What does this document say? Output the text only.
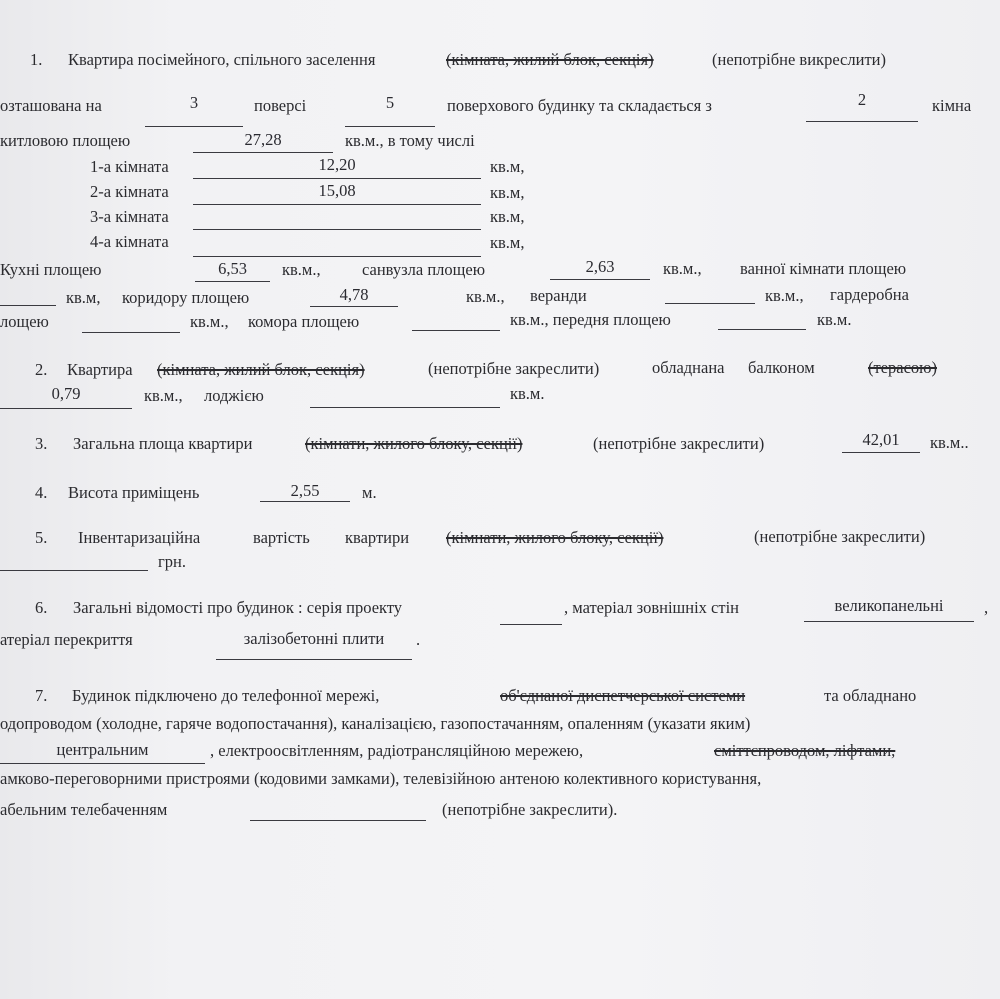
1. Квартира посімейного, спільного заселення	(кімната, жилий блок, секція)	(непотрібне викреслити)
озташована на	3	поверсі	5	поверхового будинку та складається з	2	кімна
китловою площею	27,28	кв.м., в тому числі
1-а кімната	12,20	кв.м,
2-а кімната	15,08	кв.м,
3-а кімната	кв.м,
4-а кімната	кв.м,
Кухні площею	6,53	кв.м.,	санвузла площею	2,63	кв.м., ванної кімнати площею
кв.м, коридору площею	4,78	кв.м., веранди	кв.м., гардеробна
лощею	кв.м., комора площею	кв.м., передня площею	кв.м.
2. Квартира (кімната, жилий блок, секція)	(непотрібне закреслити)	обладнана балконом	(терасою)
0,79	кв.м., лоджією	кв.м.
3. Загальна площа квартири	(кімнати, жилого блоку, секції)	(непотрібне закреслити)	42,01	кв.м..
4. Висота приміщень	2,55	м.
5. Інвентаризаційна	вартість квартири (кімнати, жилого блоку, секції)	(непотрібне закреслити)
грн.
6. Загальні відомості про будинок : серія проекту	, матеріал зовнішніх стін	великопанельні	,
атеріал перекриття	залізобетонні плити	.
7. Будинок підключено до телефонної мережі,	об'єднаної диспетчерської системи	та обладнано
одопроводом (холодне, гаряче водопостачання), каналізацією, газопостачанням, опаленням (указати яким)
центральним	, електроосвітленням, радіотрансляційною мережею,	сміттєпроводом, ліфтами,
амково-переговорними пристроями (кодовими замками), телевізійною антеною колективного користування,
абельним телебаченням	(непотрібне закреслити).
